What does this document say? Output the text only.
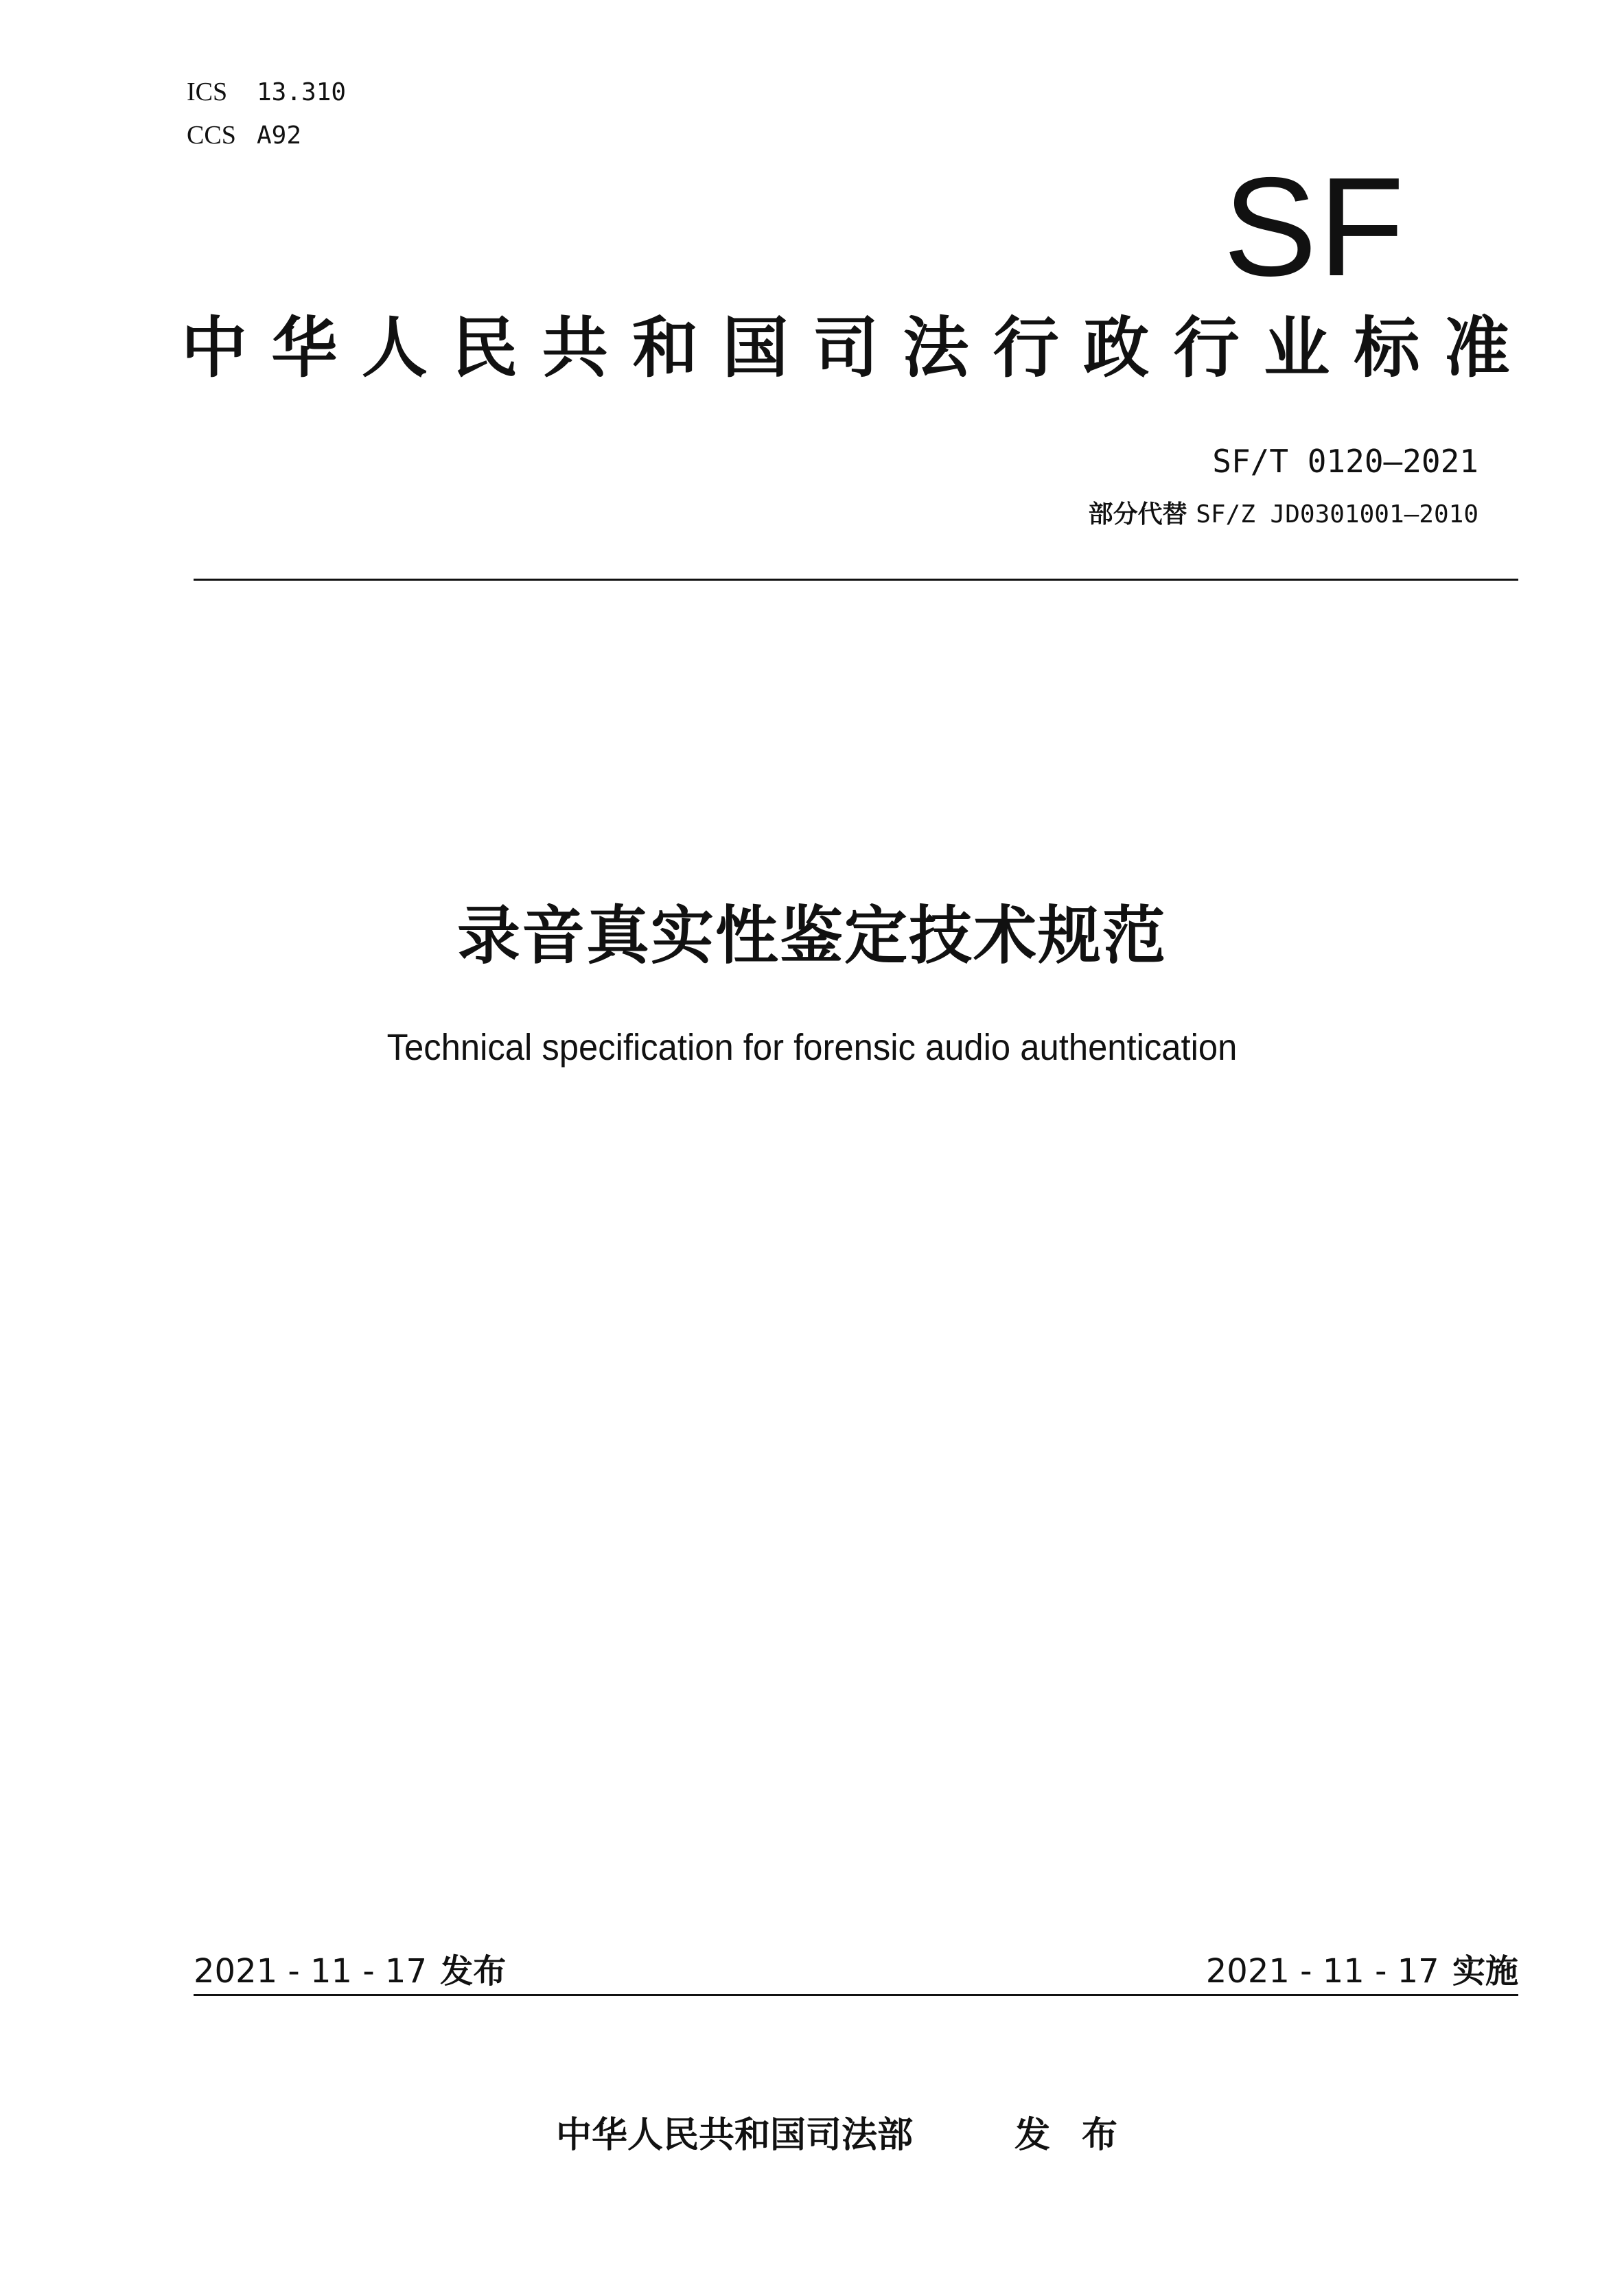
ICS 13.310
CCS A92
SF
中 华 人 民 共 和 国 司 法 行 政 行 业 标 准
SF/T 0120—2021
部分代替 SF/Z JD0301001—2010
录音真实性鉴定技术规范
Technical specification for forensic audio authentication
2021 - 11 - 17 发布	2021 - 11 - 17 实施
中华人民共和国司法部	发布
